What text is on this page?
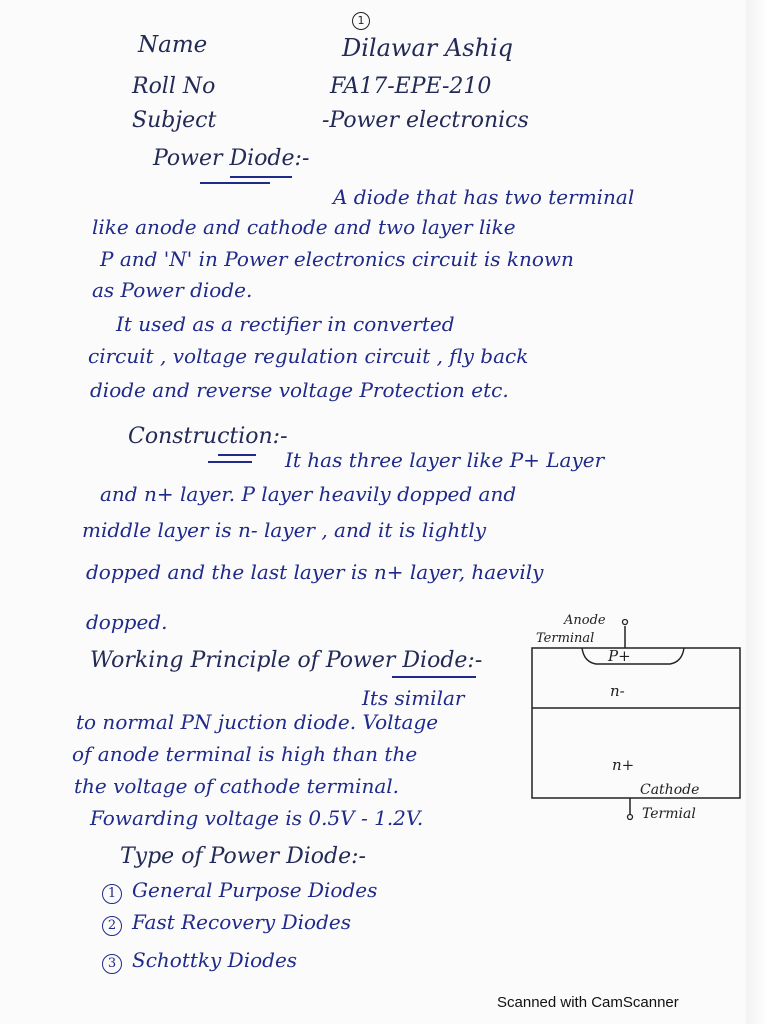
1
Name	Dilawar Ashiq
Roll No	FA17-EPE-210
Subject	-Power electronics
Power Diode:-
A diode that has two terminal
like anode and cathode and two layer like
P and 'N' in Power electronics circuit is known
as Power diode.
It used as a rectifier in converted
circuit , voltage regulation circuit , fly back
diode and reverse voltage Protection etc.
Construction:-
It has three layer like P+ Layer
and n+ layer. P layer heavily dopped and
middle layer is n- layer , and it is lightly
dopped and the last layer is n+ layer, haevily
dopped.
Working Principle of Power Diode:-
Its similar
to normal PN juction diode. Voltage
of anode terminal is high than the
the voltage of cathode terminal.
Fowarding voltage is 0.5V - 1.2V.
Type of Power Diode:-
1 General Purpose Diodes
2 Fast Recovery Diodes
3 Schottky Diodes
Anode
Terminal
P+
n-
n+
Cathode
Termial
Scanned with CamScanner
